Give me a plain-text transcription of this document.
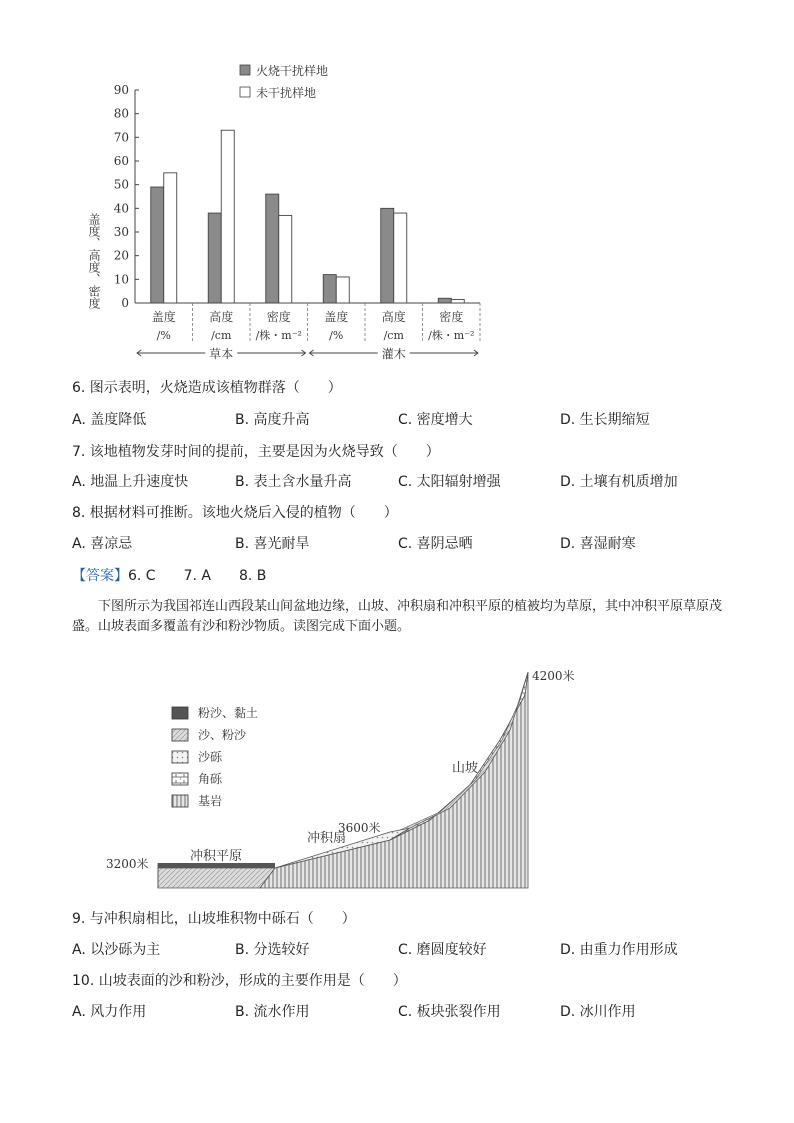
0
10
20
30
40
50
60
70
80
90
盖度、高度、密度
火烧干扰样地
未干扰样地
盖度
/%
高度
/cm
密度
/株・m⁻²
盖度
/%
高度
/cm
密度
/株・m⁻²
草本	灌木
6. 图示表明，火烧造成该植物群落（　　）
A. 盖度降低	B. 高度升高	C. 密度增大	D. 生长期缩短
7. 该地植物发芽时间的提前，主要是因为火烧导致（　　）
A. 地温上升速度快	B. 表土含水量升高	C. 太阳辐射增强	D. 土壤有机质增加
8. 根据材料可推断。该地火烧后入侵的植物（　　）
A. 喜凉忌	B. 喜光耐旱	C. 喜阴忌晒	D. 喜湿耐寒
【答案】6. C　　7. A　　8. B
下图所示为我国祁连山西段某山间盆地边缘，山坡、冲积扇和冲积平原的植被均为草原，其中冲积平原草原茂盛。山坡表面多覆盖有沙和粉沙物质。读图完成下面小题。
粉沙、黏土
沙、粉沙
沙砾
角砾
基岩
4200米
山坡
3600米
冲积扇
冲积平原
3200米
9. 与冲积扇相比，山坡堆积物中砾石（　　）
A. 以沙砾为主	B. 分选较好	C. 磨圆度较好	D. 由重力作用形成
10. 山坡表面的沙和粉沙，形成的主要作用是（　　）
A. 风力作用	B. 流水作用	C. 板块张裂作用	D. 冰川作用
